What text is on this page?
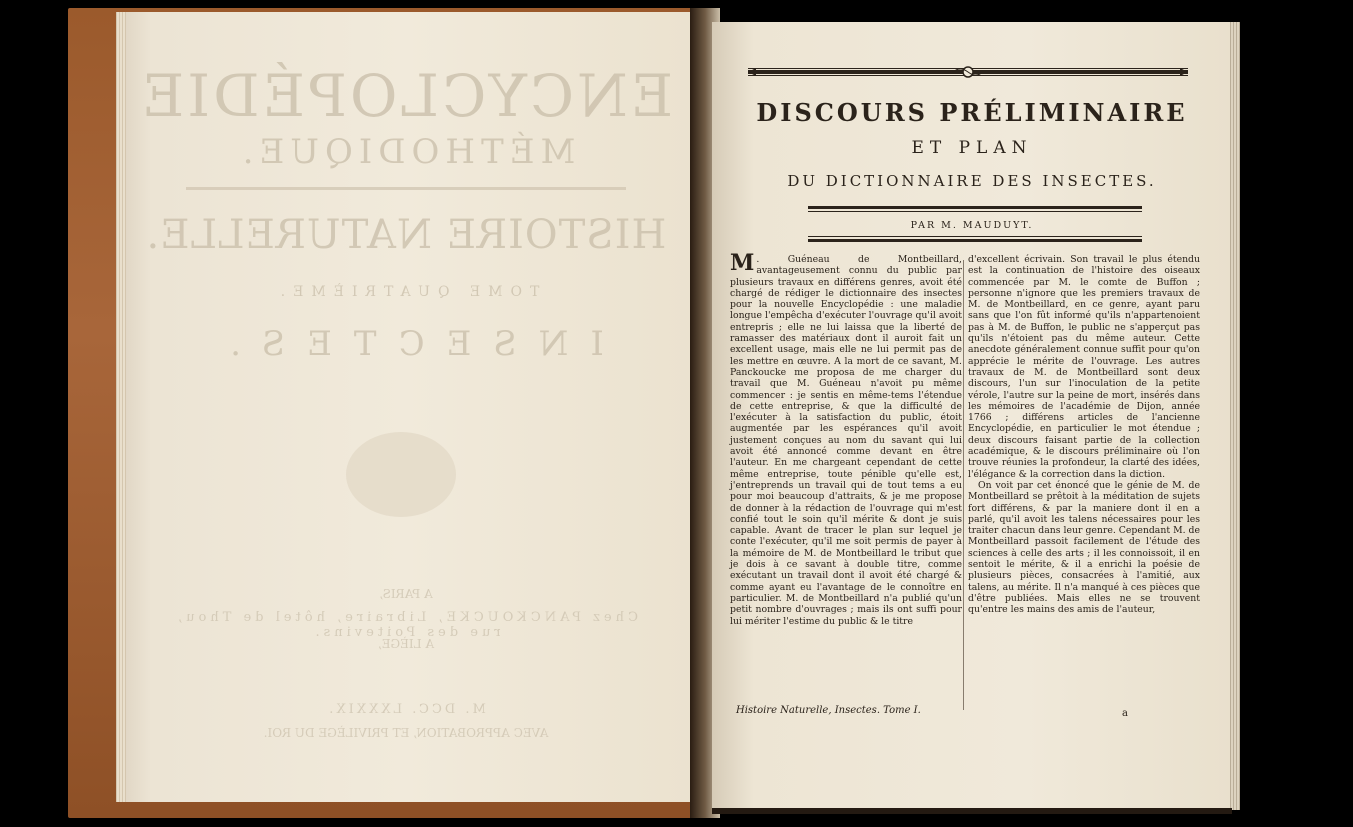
ENCYCLOPÉDIE
MÉTHODIQUE.
HISTOIRE NATURELLE.
TOME QUATRIÈME.
INSECTES.
A PARIS,
Chez PANCKOUCKE, Libraire, hôtel de Thou, rue des Poitevins.
A LIÈGE,
M. DCC. LXXXIX.
AVEC APPROBATION, ET PRIVILÈGE DU ROI.
DISCOURS PRÉLIMINAIRE
ET PLAN
DU DICTIONNAIRE DES INSECTES.
PAR M. MAUDUYT.

M . Guéneau de Montbeillard, avantageusement connu du public par plusieurs travaux en différens genres, avoit été chargé de rédiger le dictionnaire des insectes pour la nouvelle Encyclopédie : une maladie longue l'empêcha d'exécuter l'ouvrage qu'il avoit entrepris ; elle ne lui laissa que la liberté de ramasser des matériaux dont il auroit fait un excellent usage, mais elle ne lui permit pas de les mettre en œuvre. A la mort de ce savant, M. Panckoucke me proposa de me charger du travail que M. Guéneau n'avoit pu même commencer : je sentis en même-tems l'étendue de cette entreprise, & que la difficulté de l'exécuter à la satisfaction du public, étoit augmentée par les espérances qu'il avoit justement conçues au nom du savant qui lui avoit été annoncé comme devant en être l'auteur. En me chargeant cependant de cette même entreprise, toute pénible qu'elle est, j'entreprends un travail qui de tout tems a eu pour moi beaucoup d'attraits, & je me propose de donner à la rédaction de l'ouvrage qui m'est confié tout le soin qu'il mérite & dont je suis capable. Avant de tracer le plan sur lequel je conte l'exécuter, qu'il me soit permis de payer à la mémoire de M. de Montbeillard le tribut que je dois à ce savant à double titre, comme exécutant un travail dont il avoit été chargé & comme ayant eu l'avantage de le connoître en particulier. M. de Montbeillard n'a publié qu'un petit nombre d'ouvrages ; mais ils ont suffi pour lui mériter l'estime du public & le titre

d'excellent écrivain. Son travail le plus étendu est la continuation de l'histoire des oiseaux commencée par M. le comte de Buffon ; personne n'ignore que les premiers travaux de M. de Montbeillard, en ce genre, ayant paru sans que l'on fût informé qu'ils n'appartenoient pas à M. de Buffon, le public ne s'apperçut pas qu'ils n'étoient pas du même auteur. Cette anecdote généralement connue suffit pour qu'on apprécie le mérite de l'ouvrage. Les autres travaux de M. de Montbeillard sont deux discours, l'un sur l'inoculation de la petite vérole, l'autre sur la peine de mort, insérés dans les mémoires de l'académie de Dijon, année 1766 ; différens articles de l'ancienne Encyclopédie, en particulier le mot étendue ; deux discours faisant partie de la collection académique, & le discours préliminaire où l'on trouve réunies la profondeur, la clarté des idées, l'élégance & la correction dans la diction.

On voit par cet énoncé que le génie de M. de Montbeillard se prêtoit à la méditation de sujets fort différens, & par la maniere dont il en a parlé, qu'il avoit les talens nécessaires pour les traiter chacun dans leur genre. Cependant M. de Montbeillard passoit facilement de l'étude des sciences à celle des arts ; il les connoissoit, il en sentoit le mérite, & il a enrichi la poésie de plusieurs pièces, consacrées à l'amitié, aux talens, au mérite. Il n'a manqué à ces pièces que d'être publiées. Mais elles ne se trouvent qu'entre les mains des amis de l'auteur,

Histoire Naturelle, Insectes. Tome I.	a
